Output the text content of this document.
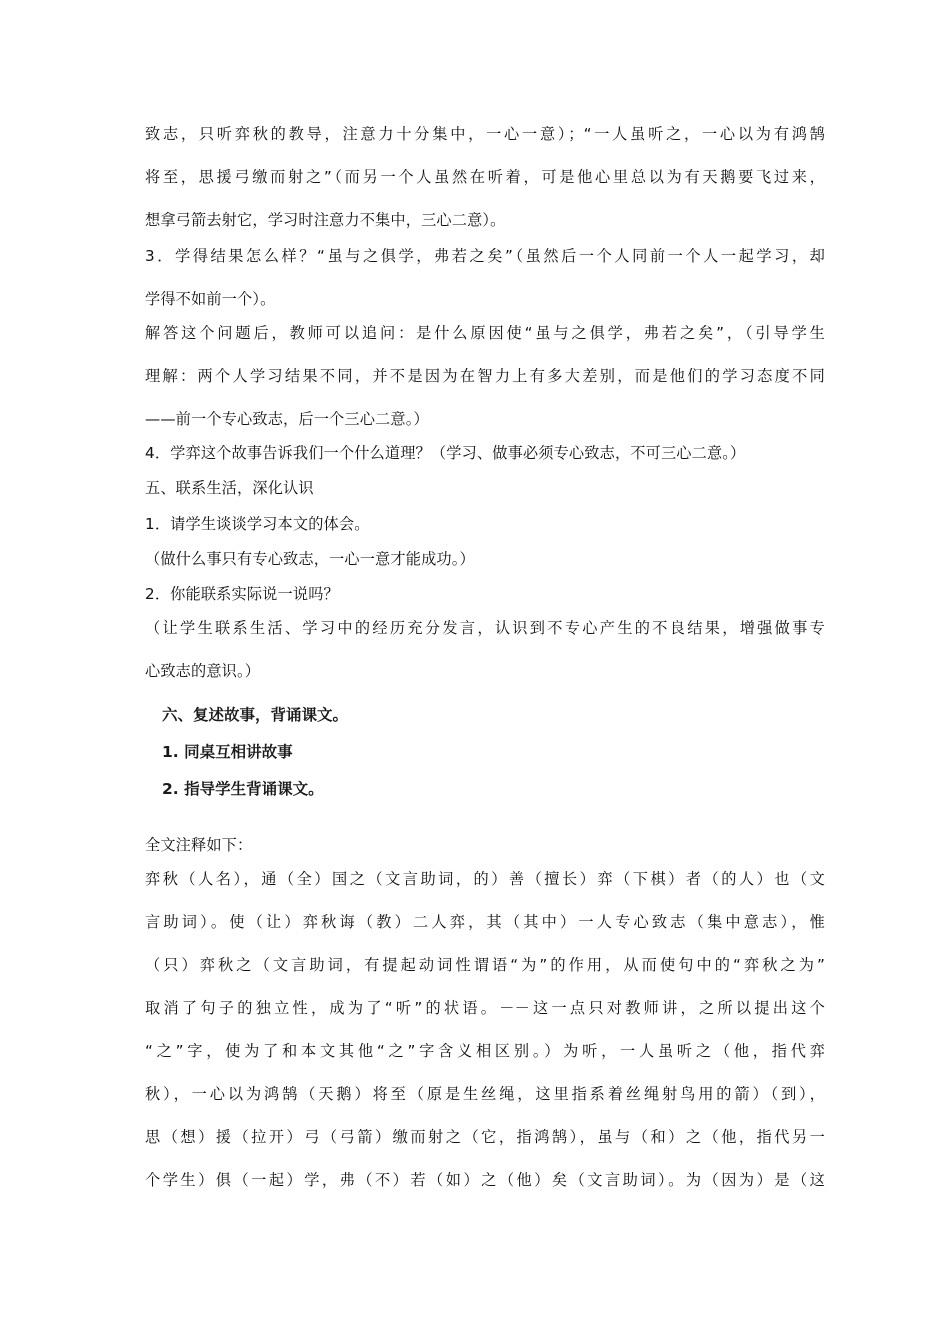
致志，只听弈秋的教导，注意力十分集中，一心一意）；“一人虽听之，一心以为有鸿鹄
将至，思援弓缴而射之”（而另一个人虽然在听着，可是他心里总以为有天鹅要飞过来，
想拿弓箭去射它，学习时注意力不集中，三心二意）。
3．学得结果怎么样？“虽与之俱学，弗若之矣”（虽然后一个人同前一个人一起学习，却
学得不如前一个）。
解答这个问题后，教师可以追问：是什么原因使“虽与之俱学，弗若之矣”，（引导学生
理解：两个人学习结果不同，并不是因为在智力上有多大差别，而是他们的学习态度不同
——前一个专心致志，后一个三心二意。）
4．学弈这个故事告诉我们一个什么道理？（学习、做事必须专心致志，不可三心二意。）
五、联系生活，深化认识
1．请学生谈谈学习本文的体会。
（做什么事只有专心致志，一心一意才能成功。）
2．你能联系实际说一说吗？
（让学生联系生活、学习中的经历充分发言，认识到不专心产生的不良结果，增强做事专
心致志的意识。）
六、复述故事，背诵课文。
1. 同桌互相讲故事
2. 指导学生背诵课文。
全文注释如下：
弈秋（人名），通（全）国之（文言助词，的）善（擅长）弈（下棋）者（的人）也（文
言助词）。使（让）弈秋诲（教）二人弈，其（其中）一人专心致志（集中意志），惟
（只）弈秋之（文言助词，有提起动词性谓语“为”的作用，从而使句中的“弈秋之为”
取消了句子的独立性，成为了“听”的状语。－－这一点只对教师讲，之所以提出这个
“之”字，使为了和本文其他“之”字含义相区别。）为听，一人虽听之（他，指代弈
秋），一心以为鸿鹄（天鹅）将至（原是生丝绳，这里指系着丝绳射鸟用的箭）（到），
思（想）援（拉开）弓（弓箭）缴而射之（它，指鸿鹄），虽与（和）之（他，指代另一
个学生）俱（一起）学，弗（不）若（如）之（他）矣（文言助词）。为（因为）是（这
